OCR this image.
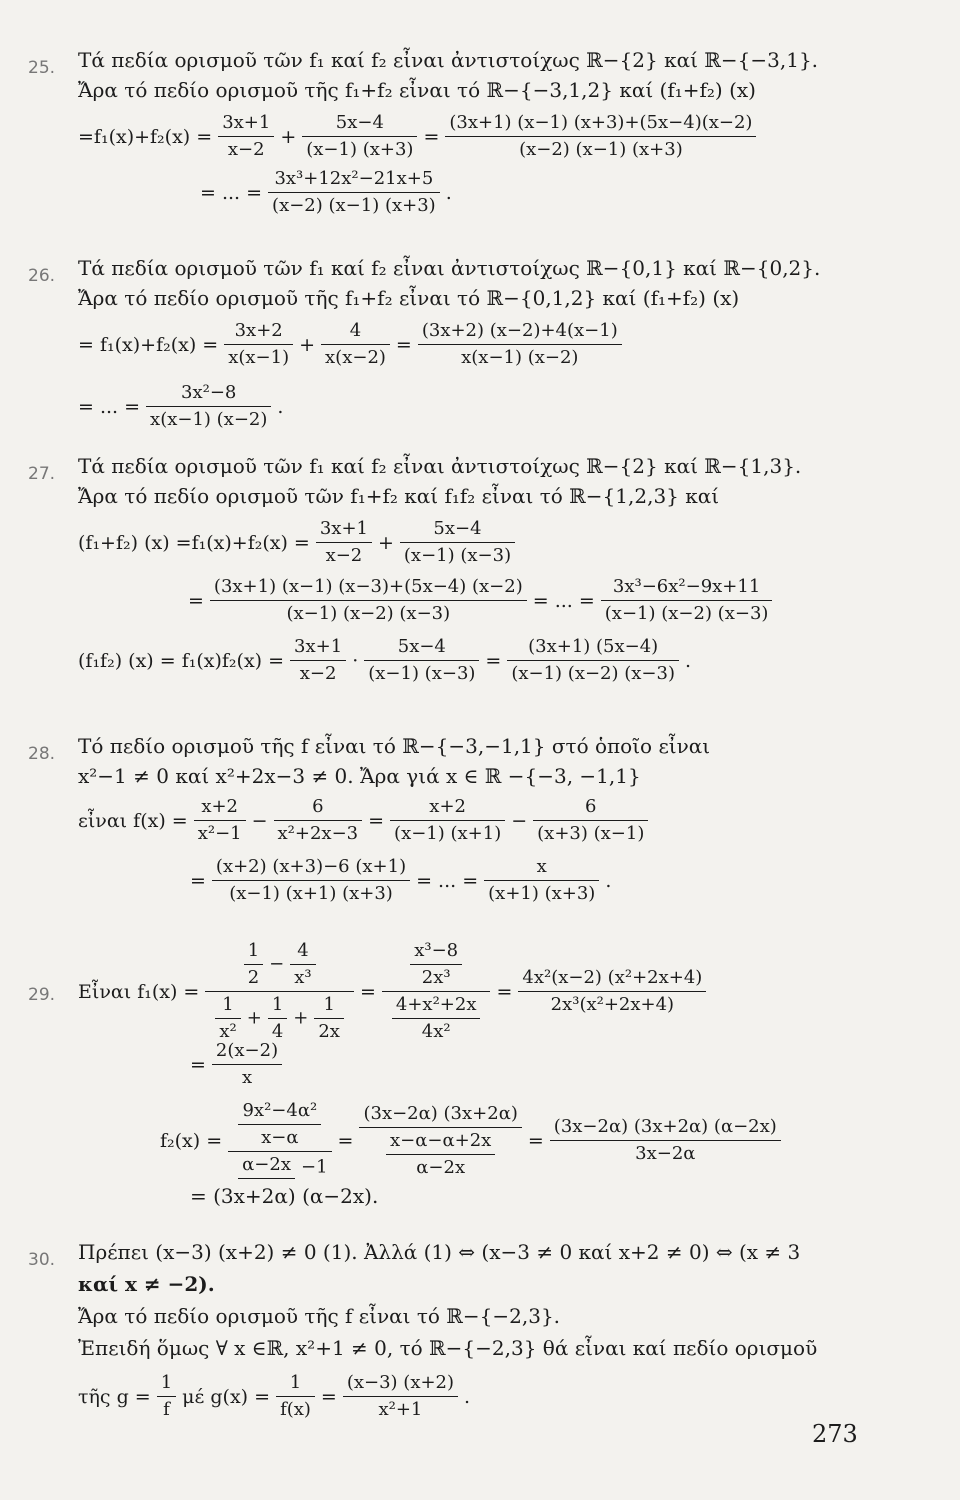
25. Τά πεδία ορισμοῦ τῶν f₁ καί f₂ εἶναι ἀντιστοίχως ℝ−{2} καί ℝ−{−3,1}.
Ἄρα τό πεδίο ορισμοῦ τῆς f₁+f₂ εἶναι τό ℝ−{−3,1,2} καί (f₁+f₂) (x)
$=f_1(x)+f_2(x) = \frac{3x+1}{x-2} + \frac{5x-4}{(x-1) (x+3)} = \frac{(3x+1) (x-1) (x+3)+(5x-4)(x-2)}{(x-2) (x-1) (x+3)}$
= ... = $\frac{\text{3x³+12x²−21x+5}}{(x-2) (x-1) (x+3)}$ .
26. Τά πεδία ορισμοῦ τῶν f₁ καί f₂ εἶναι ἀντιστοίχως ℝ−{0,1} καί ℝ−{0,2}.
Ἄρα τό πεδίο ορισμοῦ τῆς f₁+f₂ εἶναι τό ℝ−{0,1,2} καί (f₁+f₂) (x)
= $f_1(x)+f_2(x) = \frac{3x+2}{x(x-1)} + \frac{4}{x(x-2)} = \frac{(3x+2) (x-2)+4(x-1)}{x(x-1) (x-2)}$
= ... = $\frac{\text{3x²−8}}{x(x-1) (x-2)}$ .
27. Τά πεδία ορισμοῦ τῶν f₁ καί f₂ εἶναι ἀντιστοίχως ℝ−{2} καί ℝ−{1,3}.
Ἄρα τό πεδίο ορισμοῦ τῶν f₁+f₂ καί f₁f₂ εἶναι τό ℝ−{1,2,3} καί
(f₁+f₂) $(x) =f_1(x)+f_2(x) = \frac{3x+1}{x-2} + \frac{5x-4}{(x-1) (x-3)}$
= $\frac{(3x+1) (x-1) (x-3)+(5x-4) (x-2)}{(x-1) (x-2) (x-3)}$ = ... = $\frac{\text{3x³−6x²−9x+11}}{(x-1) (x-2) (x-3)}$
(f₁f₂) $(x) = f_1(x)f_2(x) = \frac{3x+1}{x-2} \cdot \frac{5x-4}{(x-1) (x-3)} = \frac{(3x+1) (5x-4)}{(x-1) (x-2) (x-3)}$ .
28. Τό πεδίο ορισμοῦ τῆς f εἶναι τό ℝ−{−3,−1,1} στό ὁποῖο εἶναι
x²−1 ≠ 0 καί x²+2x−3 ≠ 0. Ἄρα γιά x ∈ ℝ −{−3, −1,1}
εἶναι $f(x) = \frac{x+2}{\text{x²−1}} - \frac{6}{\text{x²+2x−3}} = \frac{x+2}{(x-1) (x+1)} - \frac{6}{(x+3) (x-1)}$
= $\frac{(x+2) (x+3)-6 (x+1)}{(x-1) (x+1) (x+3)}$ = ... = $\frac{x}{(x+1) (x+3)}$ .
29. Εἶναι $f_1(x) = \frac{\frac{1}{2} - \frac{4}{\text{x³}}}{\frac{1}{\text{x²}} + \frac{1}{4} + \frac{1}{2x}} = \frac{\frac{\text{x³−8}}{\text{2x³}}}{\frac{\text{4+x²+2x}}{\text{4x²}}} = \frac{\text{4x²(x−2) (x²+2x+4)}}{\text{2x³(x²+2x+4)}}$
= $\frac{2(x-2)}{x}$
$f_2(x) = \frac{\frac{\text{9x²−4α²}}{x-\alpha}}{\alpha-2x -1} = \frac{(3x-2\alpha) (3x+2\alpha)}{\frac{x-\alpha-\alpha+2x}{\alpha-2x}} = \frac{(3x-2\alpha) (3x+2\alpha) (\alpha-2x)}{3x-2\alpha}$
= (3x+2α) (α−2x).
30. Πρέπει (x−3) (x+2) ≠ 0 (1). Ἀλλά (1) ⇔ (x−3 ≠ 0 καί x+2 ≠ 0) ⇔ (x ≠ 3
καί x ≠ −2).
Ἄρα τό πεδίο ορισμοῦ τῆς f εἶναι τό ℝ−{−2,3}.
Ἐπειδή ὅμως ∀ x ∈ℝ, x²+1 ≠ 0, τό ℝ−{−2,3} θά εἶναι καί πεδίο ορισμοῦ
τῆς $g = \frac{1}{f}$ μέ $g(x) = \frac{1}{f(x)} = \frac{(x-3) (x+2)}{\text{x²+1}}$ .
273
